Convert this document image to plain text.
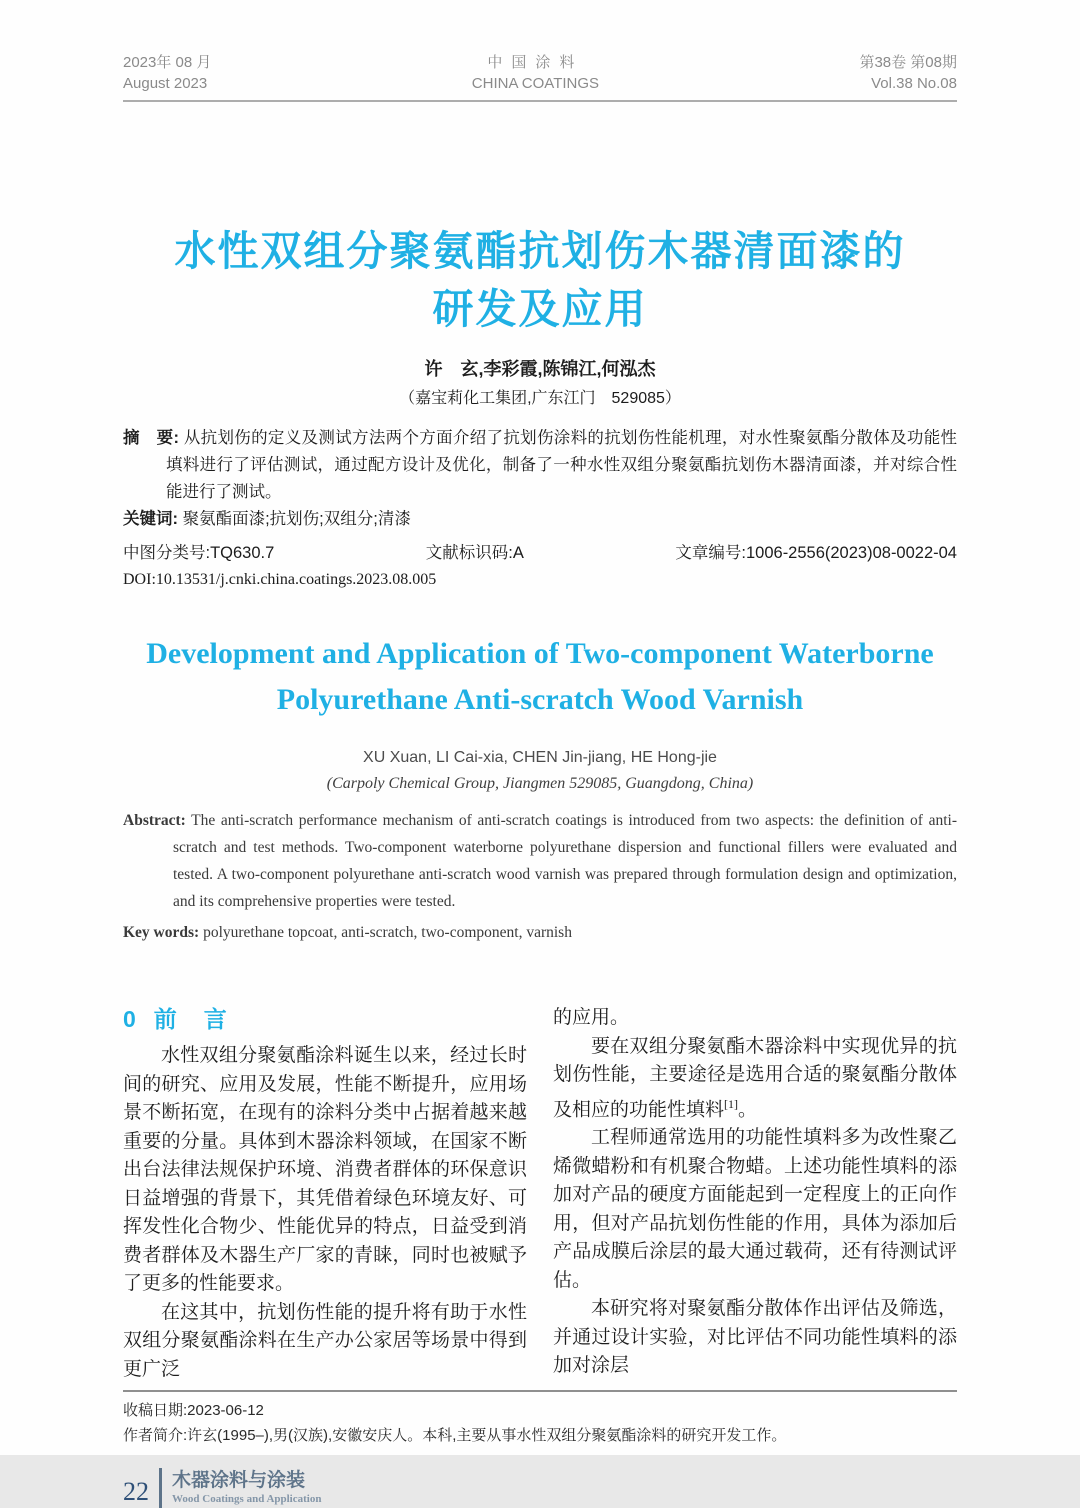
2023年 08 月
August 2023
中国涂料
CHINA COATINGS
第38卷 第08期
Vol.38 No.08
水性双组分聚氨酯抗划伤木器清面漆的
研发及应用
许　玄,李彩霞,陈锦江,何泓杰
（嘉宝莉化工集团,广东江门　529085）
摘　要: 从抗划伤的定义及测试方法两个方面介绍了抗划伤涂料的抗划伤性能机理，对水性聚氨酯分散体及功能性填料进行了评估测试，通过配方设计及优化，制备了一种水性双组分聚氨酯抗划伤木器清面漆，并对综合性能进行了测试。
关键词: 聚氨酯面漆;抗划伤;双组分;清漆
中图分类号:TQ630.7	文献标识码:A	文章编号:1006-2556(2023)08-0022-04
DOI:10.13531/j.cnki.china.coatings.2023.08.005
Development and Application of Two-component Waterborne
Polyurethane Anti-scratch Wood Varnish
XU Xuan, LI Cai-xia, CHEN Jin-jiang, HE Hong-jie
(Carpoly Chemical Group, Jiangmen 529085, Guangdong, China)
Abstract: The anti-scratch performance mechanism of anti-scratch coatings is introduced from two aspects: the definition of anti-scratch and test methods. Two-component waterborne polyurethane dispersion and functional fillers were evaluated and tested. A two-component polyurethane anti-scratch wood varnish was prepared through formulation design and optimization, and its comprehensive properties were tested.
Key words: polyurethane topcoat, anti-scratch, two-component, varnish
0 前　言

水性双组分聚氨酯涂料诞生以来，经过长时间的研究、应用及发展，性能不断提升，应用场景不断拓宽，在现有的涂料分类中占据着越来越重要的分量。具体到木器涂料领域，在国家不断出台法律法规保护环境、消费者群体的环保意识日益增强的背景下，其凭借着绿色环境友好、可挥发性化合物少、性能优异的特点，日益受到消费者群体及木器生产厂家的青睐，同时也被赋予了更多的性能要求。

在这其中，抗划伤性能的提升将有助于水性双组分聚氨酯涂料在生产办公家居等场景中得到更广泛

的应用。

要在双组分聚氨酯木器涂料中实现优异的抗划伤性能，主要途径是选用合适的聚氨酯分散体及相应的功能性填料[1]。

工程师通常选用的功能性填料多为改性聚乙烯微蜡粉和有机聚合物蜡。上述功能性填料的添加对产品的硬度方面能起到一定程度上的正向作用，但对产品抗划伤性能的作用，具体为添加后产品成膜后涂层的最大通过载荷，还有待测试评估。

本研究将对聚氨酯分散体作出评估及筛选，并通过设计实验，对比评估不同功能性填料的添加对涂层

收稿日期:2023-06-12
作者简介:许玄(1995–),男(汉族),安徽安庆人。本科,主要从事水性双组分聚氨酯涂料的研究开发工作。
22 木器涂料与涂装
Wood Coatings and Application
